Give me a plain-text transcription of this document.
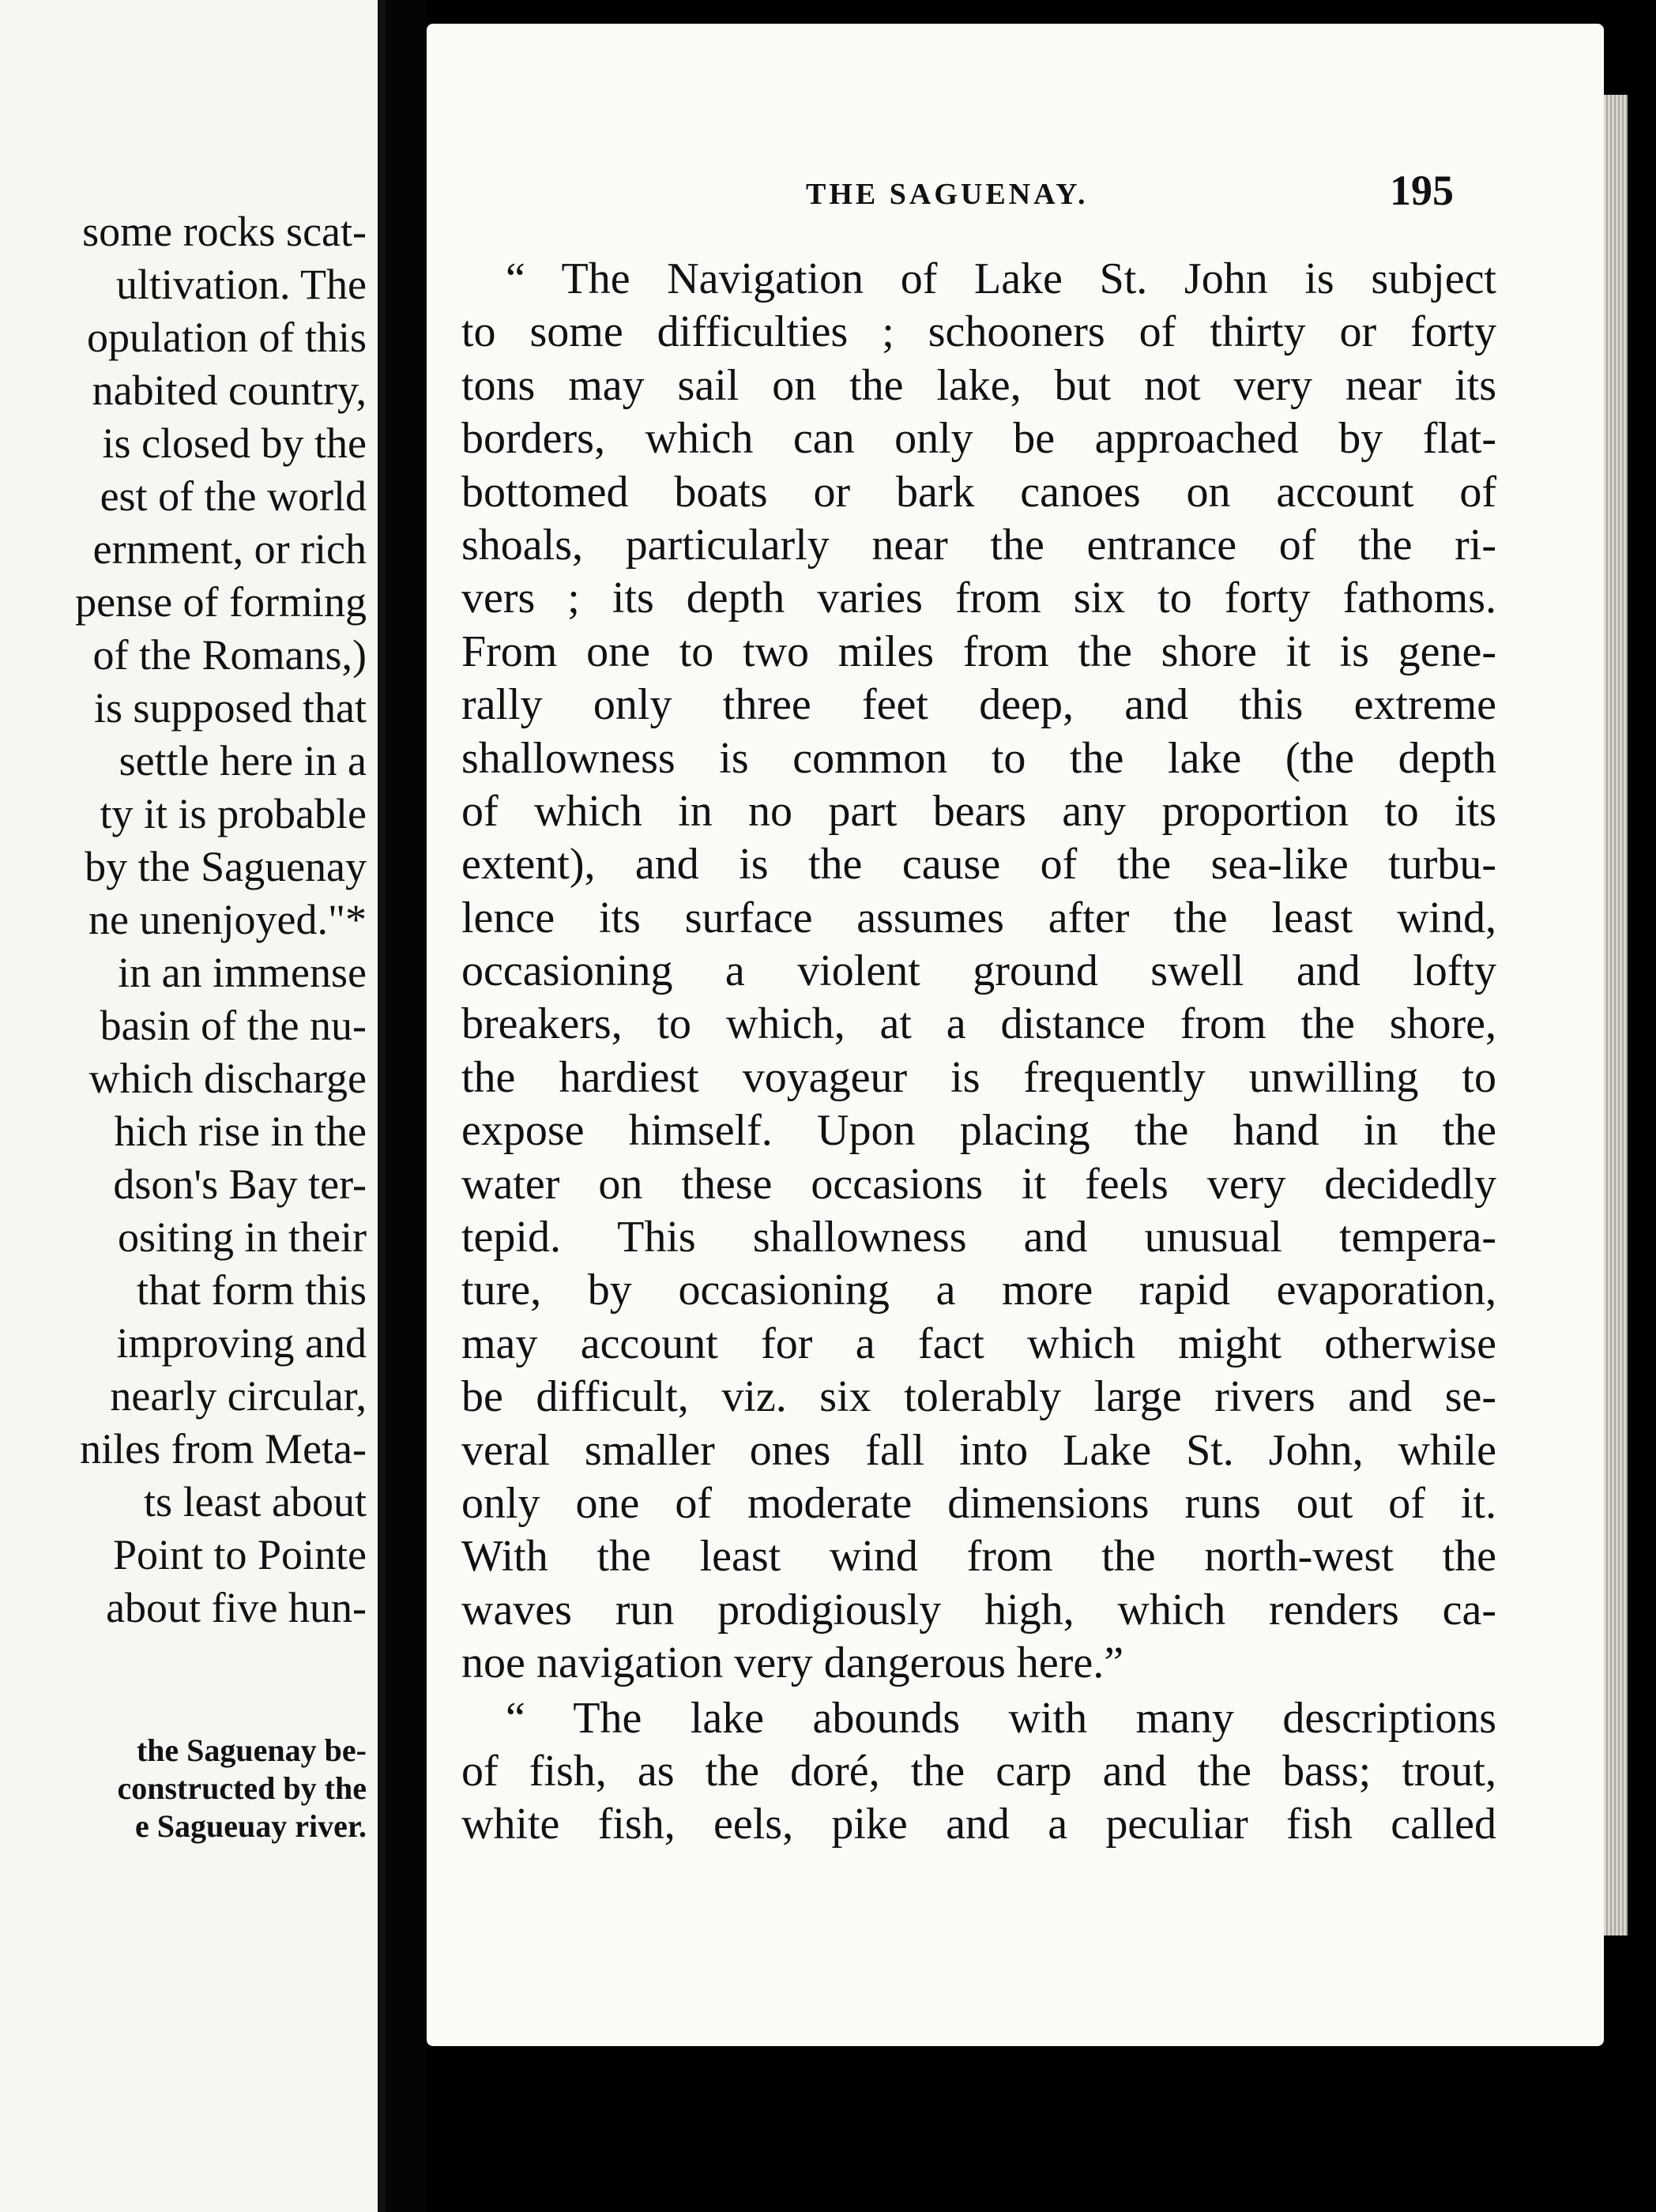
some rocks scat-
ultivation. The
opulation of this
nabited country,
is closed by the
est of the world
ernment, or rich
pense of forming
of the Romans,)
is supposed that
settle here in a
ty it is probable
by the Saguenay
ne unenjoyed."*
in an immense
basin of the nu-
which discharge
hich rise in the
dson's Bay ter-
ositing in their
that form this
improving and
nearly circular,
niles from Meta-
ts least about
Point to Pointe
about five hun-
the Saguenay be-
constructed by the
e Sagueuay river.
THE SAGUENAY.	195
“ The Navigation of Lake St. John is subject
to some difficulties ; schooners of thirty or forty
tons may sail on the lake, but not very near its
borders, which can only be approached by flat-
bottomed boats or bark canoes on account of
shoals, particularly near the entrance of the ri-
vers ; its depth varies from six to forty fathoms.
From one to two miles from the shore it is gene-
rally only three feet deep, and this extreme
shallowness is common to the lake (the depth
of which in no part bears any proportion to its
extent), and is the cause of the sea-like turbu-
lence its surface assumes after the least wind,
occasioning a violent ground swell and lofty
breakers, to which, at a distance from the shore,
the hardiest voyageur is frequently unwilling to
expose himself. Upon placing the hand in the
water on these occasions it feels very decidedly
tepid. This shallowness and unusual tempera-
ture, by occasioning a more rapid evaporation,
may account for a fact which might otherwise
be difficult, viz. six tolerably large rivers and se-
veral smaller ones fall into Lake St. John, while
only one of moderate dimensions runs out of it.
With the least wind from the north-west the
waves run prodigiously high, which renders ca-
noe navigation very dangerous here.”
“ The lake abounds with many descriptions
of fish, as the doré, the carp and the bass; trout,
white fish, eels, pike and a peculiar fish called
